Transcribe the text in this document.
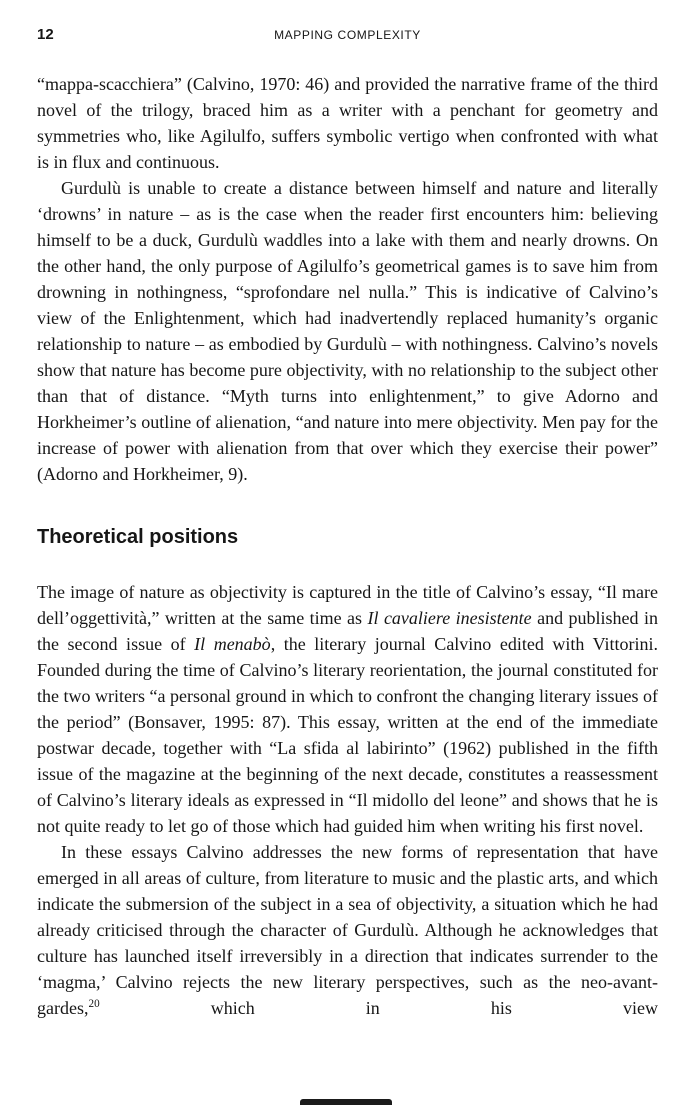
12	MAPPING COMPLEXITY

“mappa-scacchiera” (Calvino, 1970: 46) and provided the narrative frame of the third novel of the trilogy, braced him as a writer with a penchant for geometry and symmetries who, like Agilulfo, suffers symbolic vertigo when confronted with what is in flux and continuous.

Gurdulù is unable to create a distance between himself and nature and literally ‘drowns’ in nature – as is the case when the reader first encounters him: believing himself to be a duck, Gurdulù waddles into a lake with them and nearly drowns. On the other hand, the only purpose of Agilulfo’s geometrical games is to save him from drowning in nothingness, “sprofondare nel nulla.” This is indicative of Calvino’s view of the Enlightenment, which had inadvertendly replaced humanity’s organic relationship to nature – as embodied by Gurdulù – with nothingness. Calvino’s novels show that nature has become pure objectivity, with no relationship to the subject other than that of distance. “Myth turns into enlightenment,” to give Adorno and Horkheimer’s outline of alienation, “and nature into mere objectivity. Men pay for the increase of power with alienation from that over which they exercise their power” (Adorno and Horkheimer, 9).

Theoretical positions

The image of nature as objectivity is captured in the title of Calvino’s essay, “Il mare dell’oggettività,” written at the same time as Il cavaliere inesistente and published in the second issue of Il menabò, the literary journal Calvino edited with Vittorini. Founded during the time of Calvino’s literary reorientation, the journal constituted for the two writers “a personal ground in which to confront the changing literary issues of the period” (Bonsaver, 1995: 87). This essay, written at the end of the immediate postwar decade, together with “La sfida al labirinto” (1962) published in the fifth issue of the magazine at the beginning of the next decade, constitutes a reassessment of Calvino’s literary ideals as expressed in “Il midollo del leone” and shows that he is not quite ready to let go of those which had guided him when writing his first novel.

In these essays Calvino addresses the new forms of representation that have emerged in all areas of culture, from literature to music and the plastic arts, and which indicate the submersion of the subject in a sea of objectivity, a situation which he had already criticised through the character of Gurdulù. Although he acknowledges that culture has launched itself irreversibly in a direction that indicates surrender to the ‘magma,’ Calvino rejects the new literary perspectives, such as the neo-avant-gardes,$^{20}$ which in his view
